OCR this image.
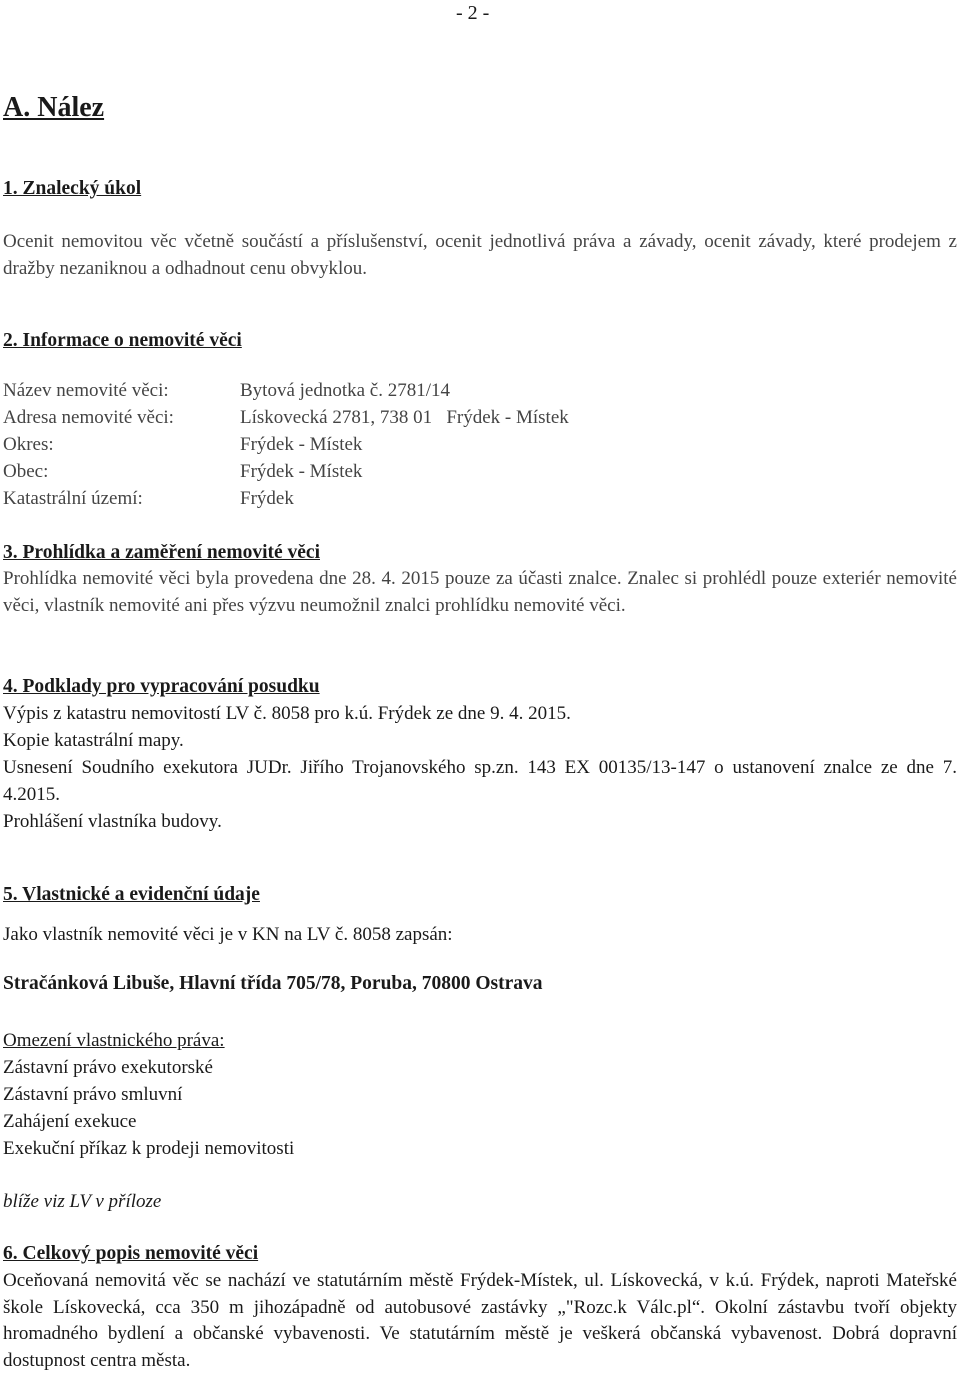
- 2 -
A. Nález
1. Znalecký úkol
Ocenit nemovitou věc včetně součástí a příslušenství, ocenit jednotlivá práva a závady, ocenit závady, které prodejem z dražby nezaniknou a odhadnout cenu obvyklou.
2. Informace o nemovité věci
Název nemovité věci:	Bytová jednotka č. 2781/14
Adresa nemovité věci:	Lískovecká 2781, 738 01   Frýdek - Místek
Okres:	Frýdek - Místek
Obec:	Frýdek - Místek
Katastrální území:	Frýdek
3. Prohlídka a zaměření nemovité věci
Prohlídka nemovité věci byla provedena dne 28. 4. 2015 pouze za účasti znalce. Znalec si prohlédl pouze exteriér nemovité věci, vlastník nemovité ani přes výzvu neumožnil znalci prohlídku nemovité věci.
4. Podklady pro vypracování posudku
Výpis z katastru nemovitostí LV č. 8058 pro k.ú. Frýdek ze dne 9. 4. 2015.
Kopie katastrální mapy.
Usnesení Soudního exekutora JUDr. Jiřího Trojanovského sp.zn. 143 EX 00135/13-147 o ustanovení znalce ze dne 7. 4.2015.
Prohlášení vlastníka budovy.
5. Vlastnické a evidenční údaje
Jako vlastník nemovité věci je v KN na LV č. 8058 zapsán:
Stračánková Libuše, Hlavní třída 705/78, Poruba, 70800 Ostrava
Omezení vlastnického práva:
Zástavní právo exekutorské
Zástavní právo smluvní
Zahájení exekuce
Exekuční příkaz k prodeji nemovitosti
blíže viz LV v příloze
6. Celkový popis nemovité věci
Oceňovaná nemovitá věc se nachází ve statutárním městě Frýdek-Místek, ul. Lískovecká, v k.ú. Frýdek, naproti Mateřské škole Lískovecká, cca 350 m jihozápadně od autobusové zastávky „"Rozc.k Válc.pl“. Okolní zástavbu tvoří objekty hromadného bydlení a občanské vybavenosti. Ve statutárním městě je veškerá občanská vybavenost. Dobrá dopravní dostupnost centra města.
